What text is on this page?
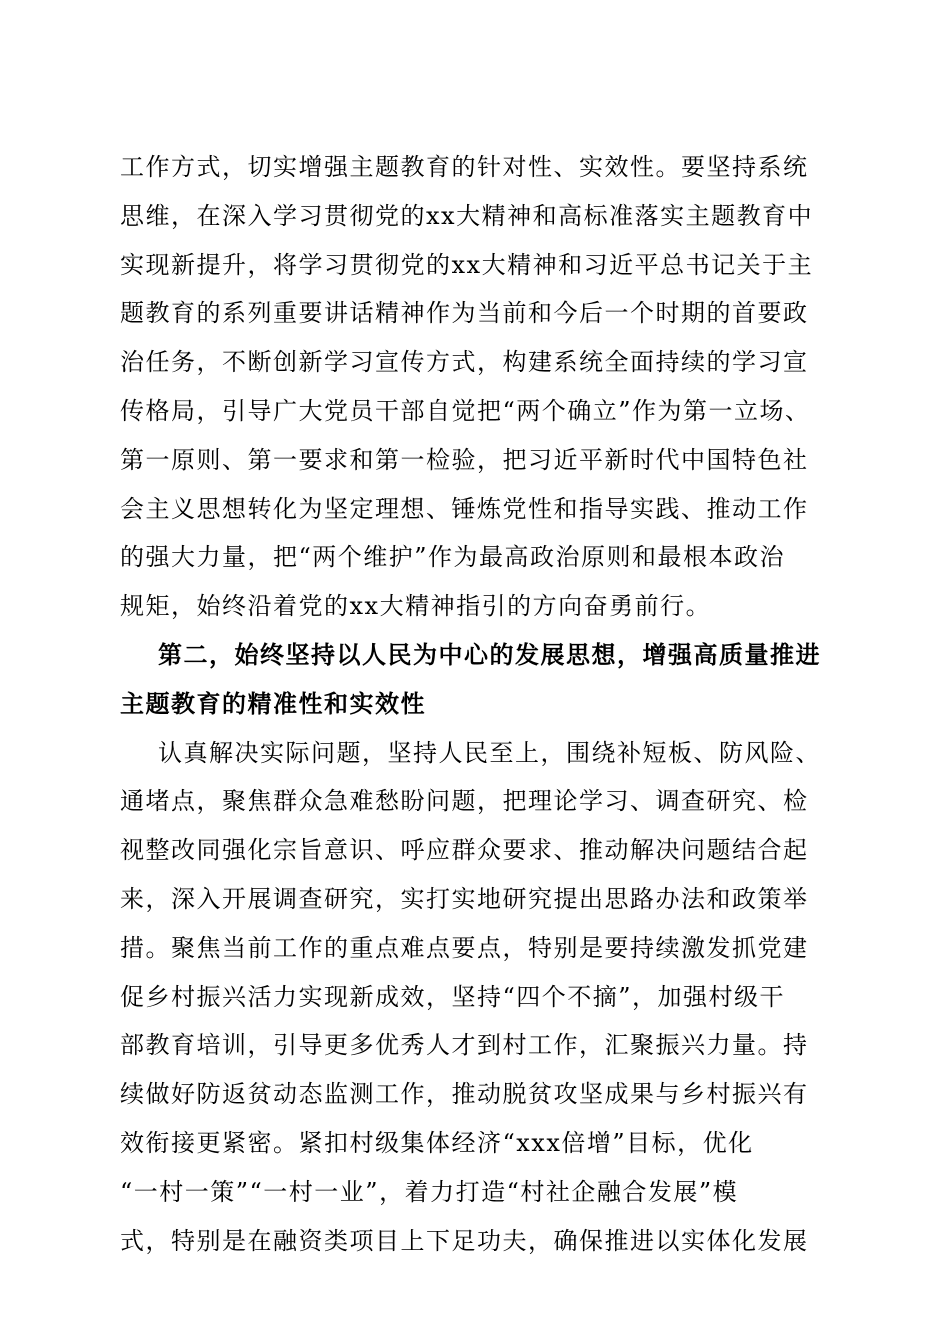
工作方式，切实增强主题教育的针对性、实效性。要坚持系统
思维，在深入学习贯彻党的xx大精神和高标准落实主题教育中
实现新提升，将学习贯彻党的xx大精神和习近平总书记关于主
题教育的系列重要讲话精神作为当前和今后一个时期的首要政
治任务，不断创新学习宣传方式，构建系统全面持续的学习宣
传格局，引导广大党员干部自觉把“两个确立”作为第一立场、
第一原则、第一要求和第一检验，把习近平新时代中国特色社
会主义思想转化为坚定理想、锤炼党性和指导实践、推动工作
的强大力量，把“两个维护”作为最高政治原则和最根本政治
规矩，始终沿着党的xx大精神指引的方向奋勇前行。
第二，始终坚持以人民为中心的发展思想，增强高质量推进
主题教育的精准性和实效性
认真解决实际问题，坚持人民至上，围绕补短板、防风险、
通堵点，聚焦群众急难愁盼问题，把理论学习、调查研究、检
视整改同强化宗旨意识、呼应群众要求、推动解决问题结合起
来，深入开展调查研究，实打实地研究提出思路办法和政策举
措。聚焦当前工作的重点难点要点，特别是要持续激发抓党建
促乡村振兴活力实现新成效，坚持“四个不摘”，加强村级干
部教育培训，引导更多优秀人才到村工作，汇聚振兴力量。持
续做好防返贫动态监测工作，推动脱贫攻坚成果与乡村振兴有
效衔接更紧密。紧扣村级集体经济“xxx倍增”目标，优化
“一村一策”“一村一业”，着力打造“村社企融合发展”模
式，特别是在融资类项目上下足功夫，确保推进以实体化发展
